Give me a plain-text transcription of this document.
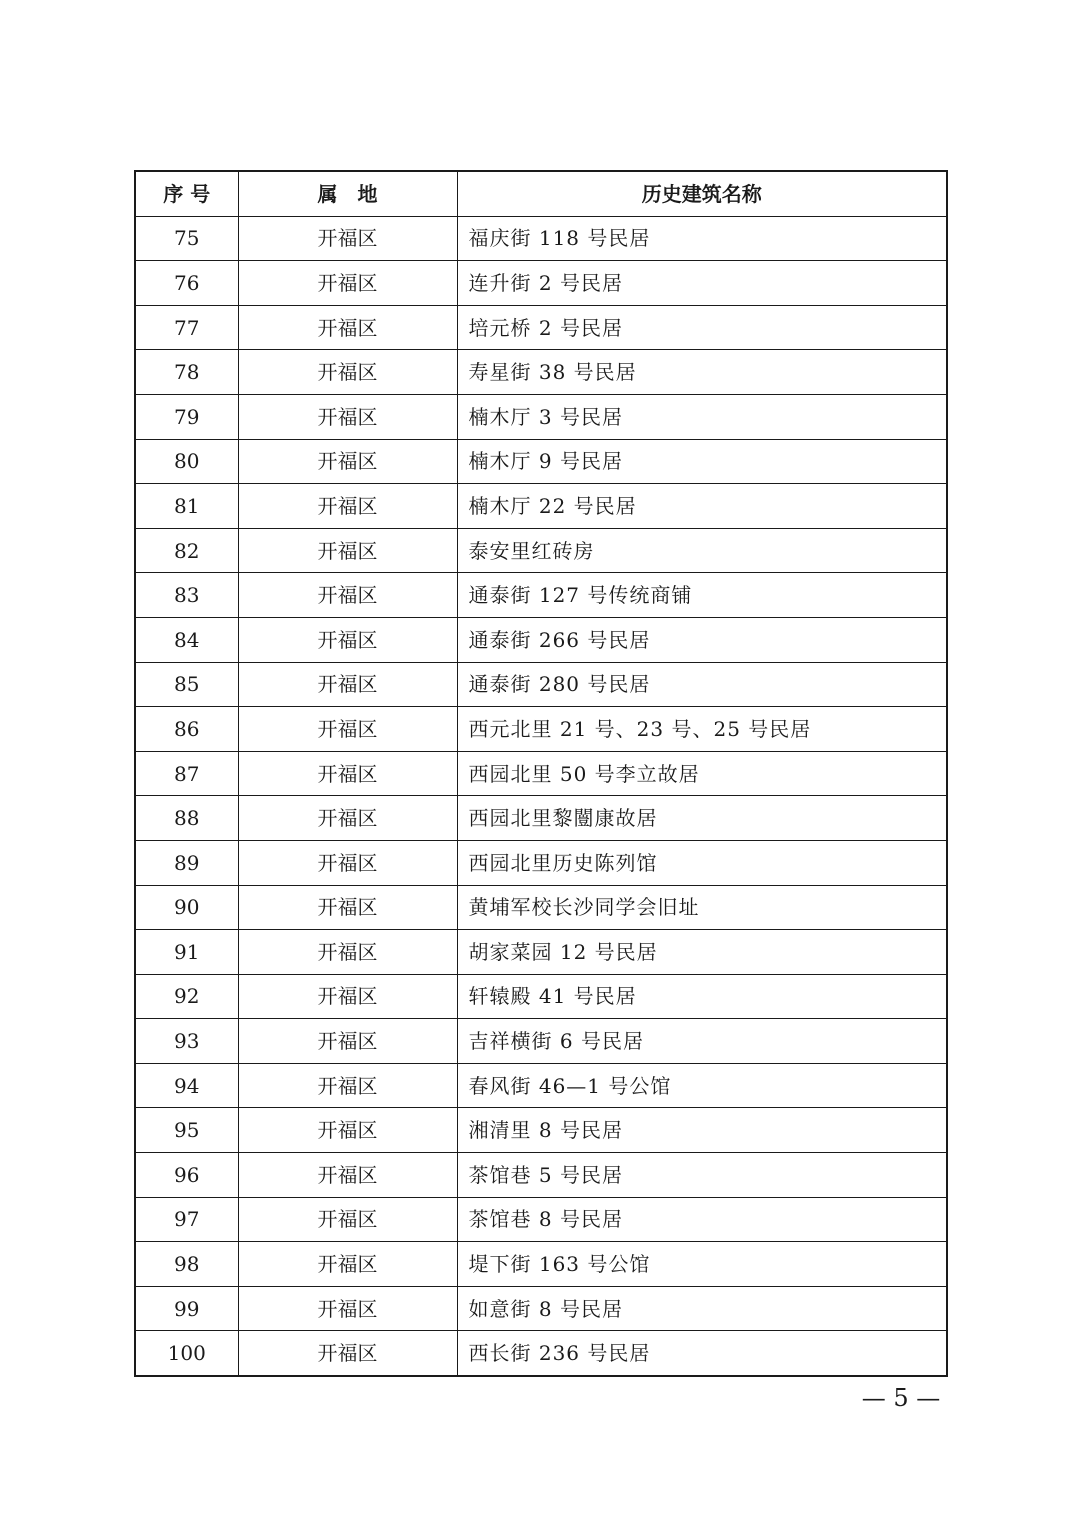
序 号	属　地	历史建筑名称
75	开福区	福庆街 118 号民居
76	开福区	连升街 2 号民居
77	开福区	培元桥 2 号民居
78	开福区	寿星街 38 号民居
79	开福区	楠木厅 3 号民居
80	开福区	楠木厅 9 号民居
81	开福区	楠木厅 22 号民居
82	开福区	泰安里红砖房
83	开福区	通泰街 127 号传统商铺
84	开福区	通泰街 266 号民居
85	开福区	通泰街 280 号民居
86	开福区	西元北里 21 号、23 号、25 号民居
87	开福区	西园北里 50 号李立故居
88	开福区	西园北里黎闓康故居
89	开福区	西园北里历史陈列馆
90	开福区	黄埔军校长沙同学会旧址
91	开福区	胡家菜园 12 号民居
92	开福区	轩辕殿 41 号民居
93	开福区	吉祥横街 6 号民居
94	开福区	春风街 46—1 号公馆
95	开福区	湘清里 8 号民居
96	开福区	茶馆巷 5 号民居
97	开福区	茶馆巷 8 号民居
98	开福区	堤下街 163 号公馆
99	开福区	如意街 8 号民居
100	开福区	西长街 236 号民居
— 5 —
